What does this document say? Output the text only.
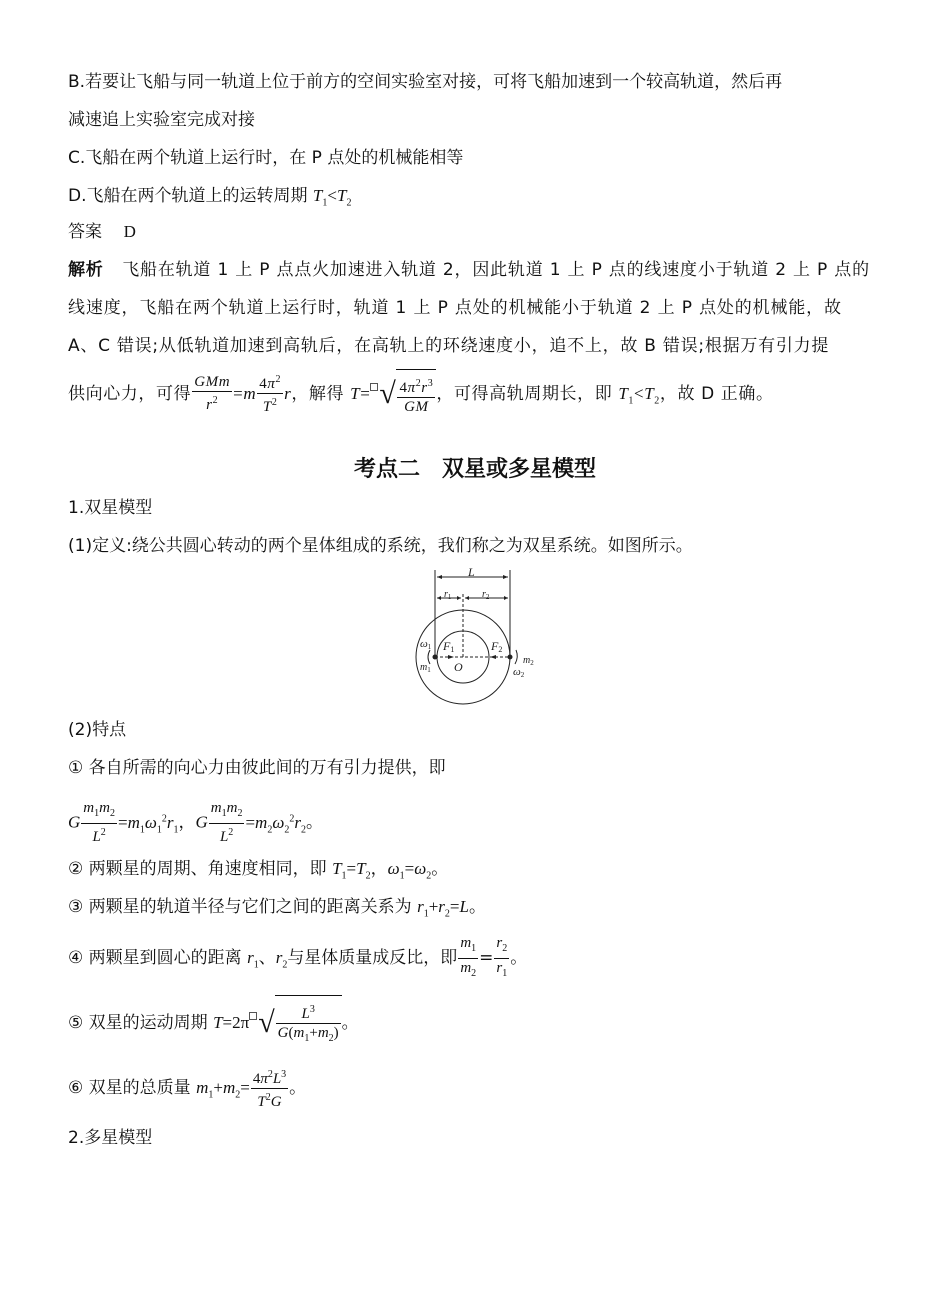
B.若要让飞船与同一轨道上位于前方的空间实验室对接，可将飞船加速到一个较高轨道，然后再
减速追上实验室完成对接
C.飞船在两个轨道上运行时，在 P 点处的机械能相等
D.飞船在两个轨道上的运转周期 $T_1<T_2$
答案 D
解析 飞船在轨道 1 上 P 点点火加速进入轨道 2，因此轨道 1 上 P 点的线速度小于轨道 2 上 P 点的
线速度，飞船在两个轨道上运行时，轨道 1 上 P 点处的机械能小于轨道 2 上 P 点处的机械能，故
A、C 错误;从低轨道加速到高轨后，在高轨上的环绕速度小，追不上，故 B 错误;根据万有引力提
供向心力，可得 $\frac{\text{GMm}}{r^2} =m \frac{4\pi^2}{T^2}$ r，解得 T= √ $\frac{4\pi^2r^3}{GM}$ ，可得高轨周期长，即 $T_1<T_2$，故 D 正确。
考点二　双星或多星模型
1.双星模型
(1)定义:绕公共圆心转动的两个星体组成的系统，我们称之为双星系统。如图所示。
L
$r_1$	$r_2$
F1	F2
O
ω1
$m_1$
$m_2$
ω2
(2)特点
① 各自所需的向心力由彼此间的万有引力提供，即
G $\frac{m_1m_2}{L^2} =m_1\omega_1^2r_1$，G $\frac{m_1m_2}{L^2} =m_2\omega_2^2r_2$。
② 两颗星的周期、角速度相同，即 $T_1=T_2$，$\omega_1=\omega_2$。
③ 两颗星的轨道半径与它们之间的距离关系为 $r_1+r_2=L$。
④ 两颗星到圆心的距离 $r_1$、$r_2$与星体质量成反比，即 $\frac{m_1}{m_2} = \frac{r_2}{r_1}$ 。
⑤ 双星的运动周期 T=2π √ $\frac{L^3}{G(m_1+m_2)}$ 。
⑥ 双星的总质量 $m_1+m_2= \frac{4\pi^2L^3}{T^2G}$ 。
2.多星模型
